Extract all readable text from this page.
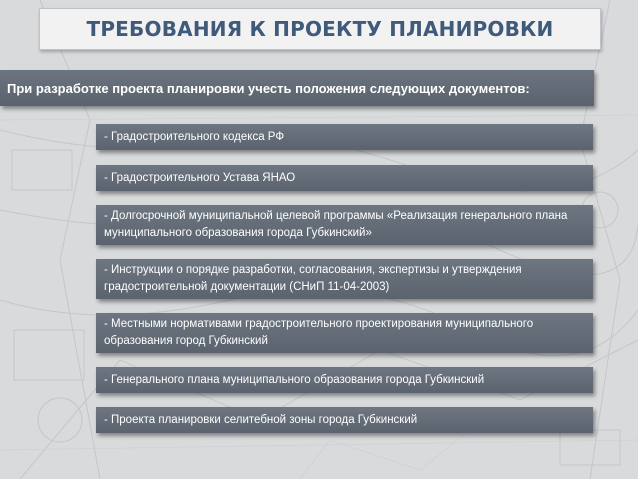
ТРЕБОВАНИЯ К ПРОЕКТУ ПЛАНИРОВКИ
При разработке проекта планировки учесть положения следующих документов:
- Градостроительного кодекса РФ
- Градостроительного Устава ЯНАО
- Долгосрочной муниципальной целевой программы «Реализация генерального плана муниципального образования города Губкинский»
- Инструкции о порядке разработки, согласования, экспертизы и утверждения градостроительной документации (СНиП 11-04-2003)
- Местными нормативами градостроительного проектирования муниципального образования город Губкинский
- Генерального плана муниципального образования города Губкинский
- Проекта планировки селитебной зоны города Губкинский
